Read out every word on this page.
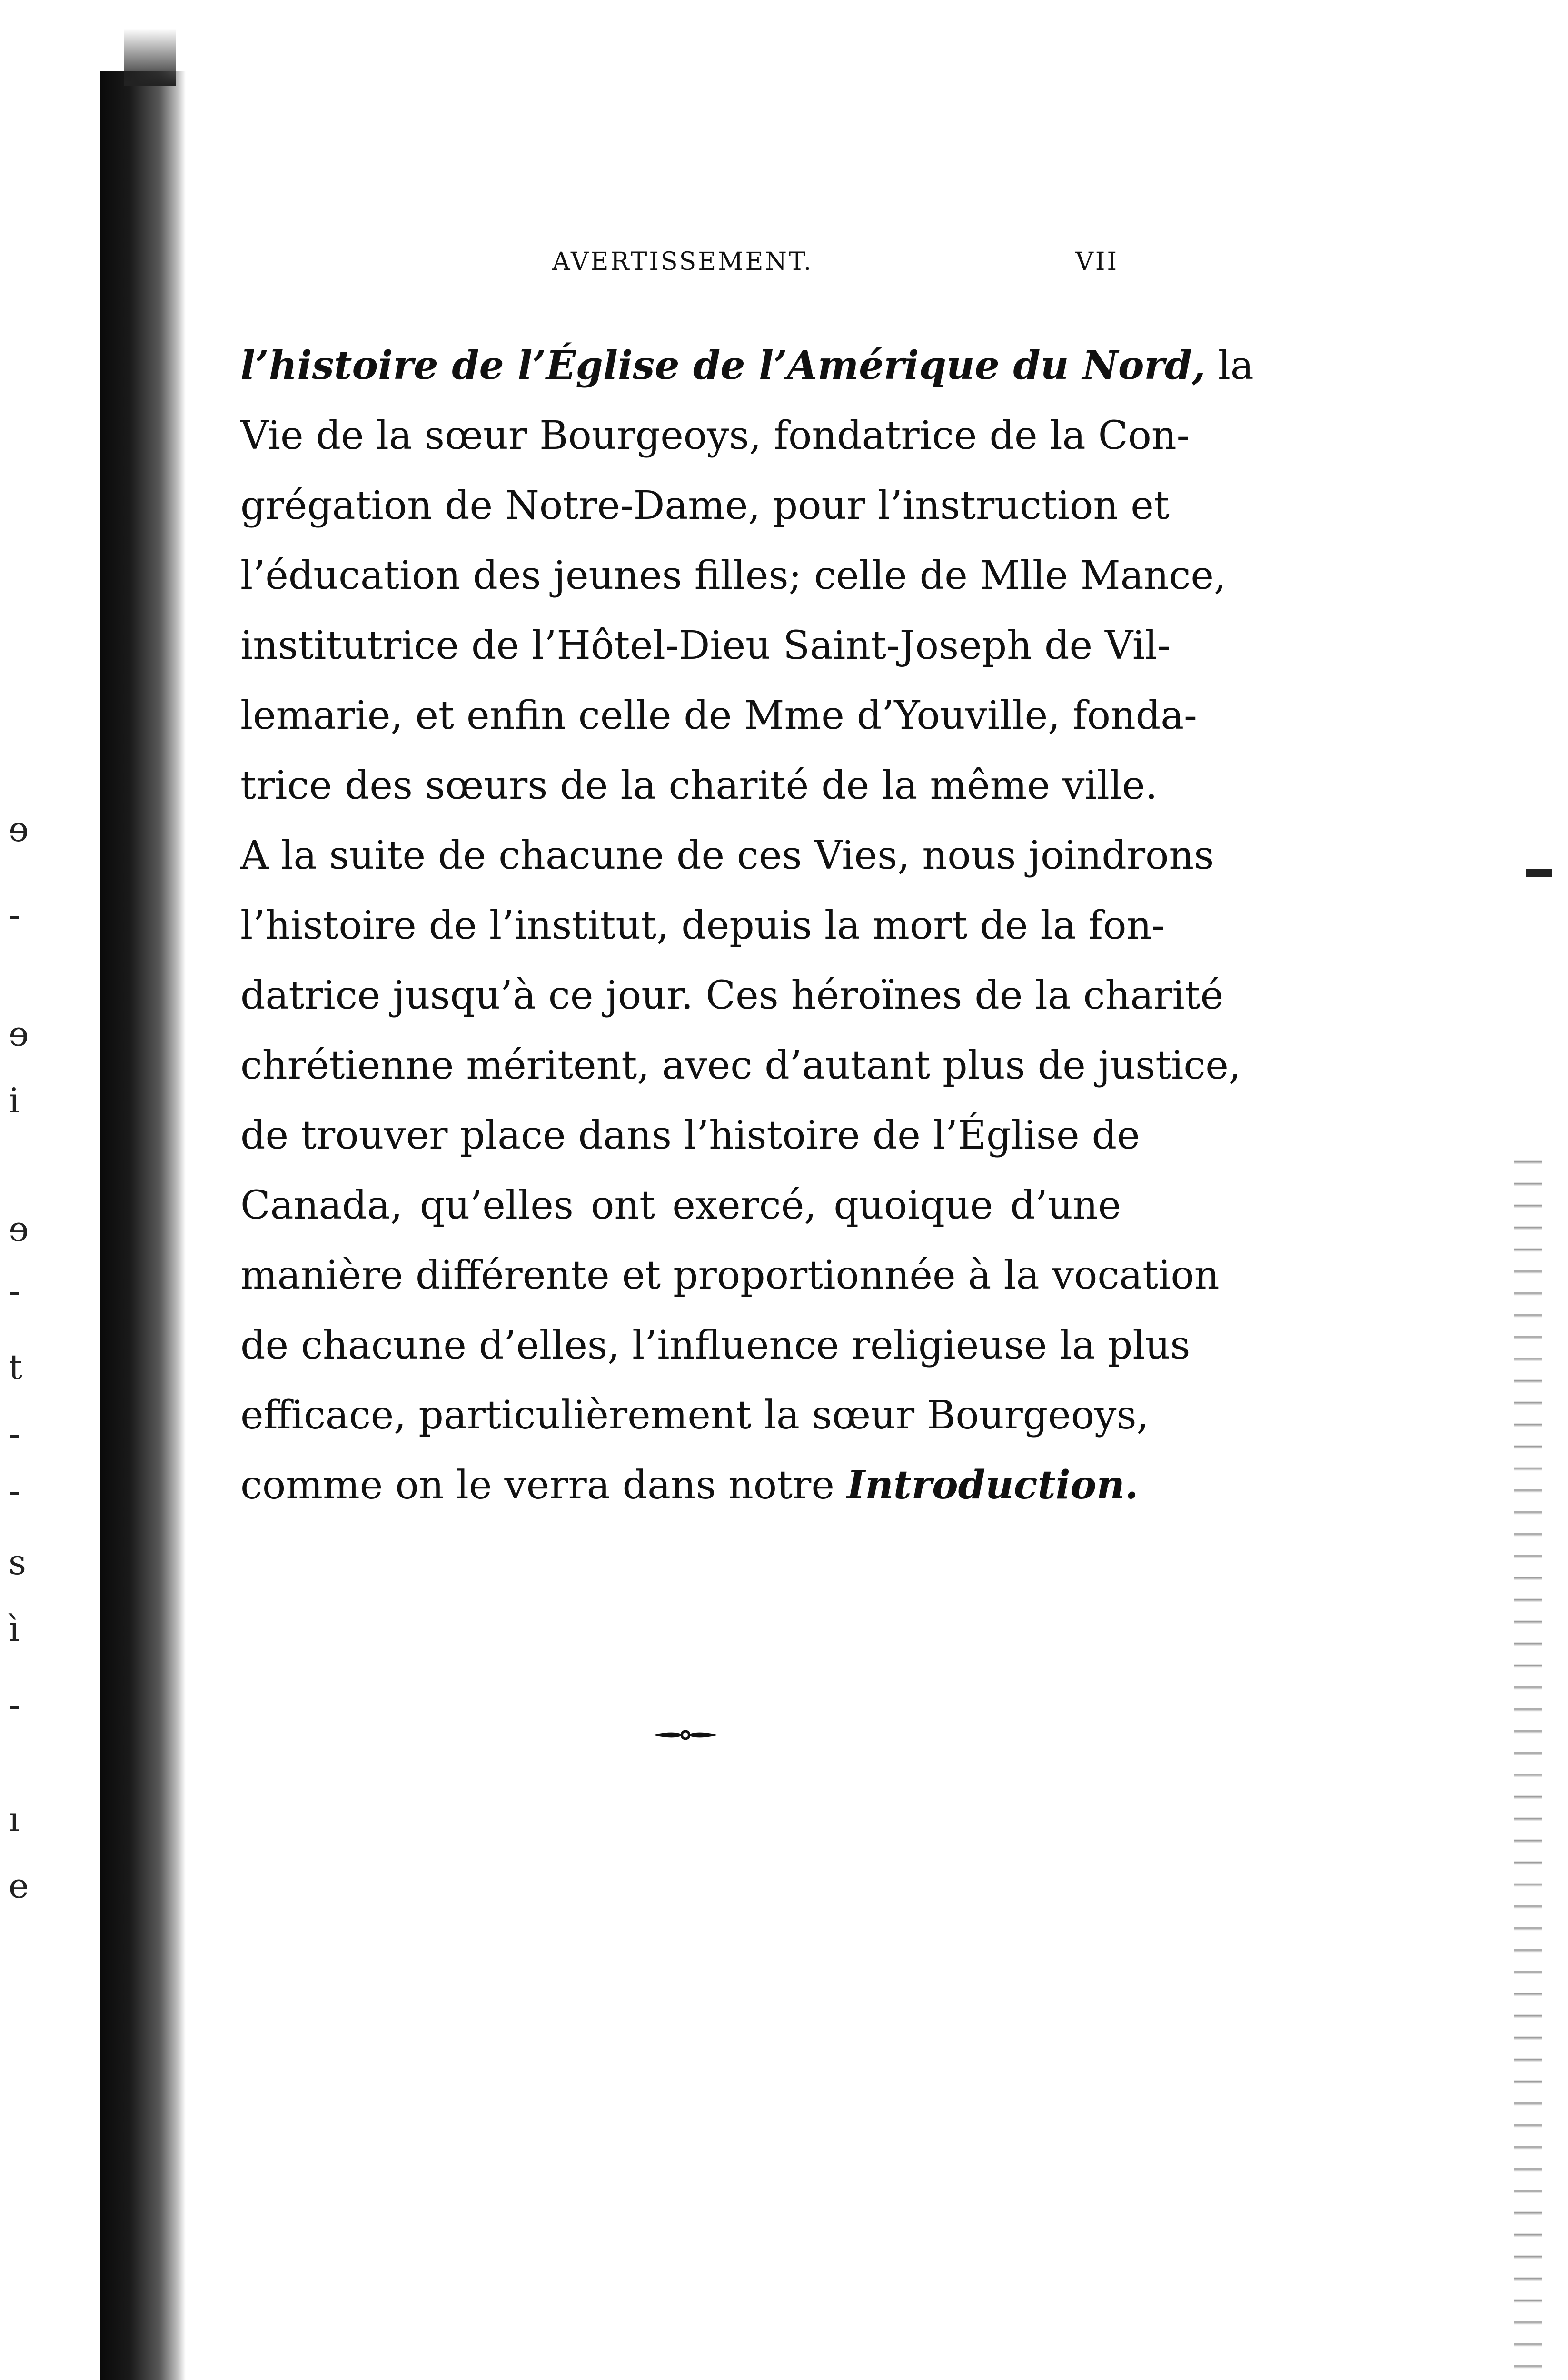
ɘ
-
ɘ
i
ɘ
-
t
-
-
s
ì
-
ı
e
AVERTISSEMENT.	VII
l’histoire de l’Église de l’Amérique du Nord, la
Vie de la sœur Bourgeoys, fondatrice de la Con-
grégation de Notre-Dame, pour l’instruction et
l’éducation des jeunes filles; celle de Mlle Mance,
institutrice de l’Hôtel-Dieu Saint-Joseph de Vil-
lemarie, et enfin celle de Mme d’Youville, fonda-
trice des sœurs de la charité de la même ville.
A la suite de chacune de ces Vies, nous joindrons
l’histoire de l’institut, depuis la mort de la fon-
datrice jusqu’à ce jour. Ces héroïnes de la charité
chrétienne méritent, avec d’autant plus de justice,
de trouver place dans l’histoire de l’Église de
Canada, qu’elles ont exercé, quoique d’une
manière différente et proportionnée à la vocation
de chacune d’elles, l’influence religieuse la plus
efficace, particulièrement la sœur Bourgeoys,
comme on le verra dans notre Introduction.
